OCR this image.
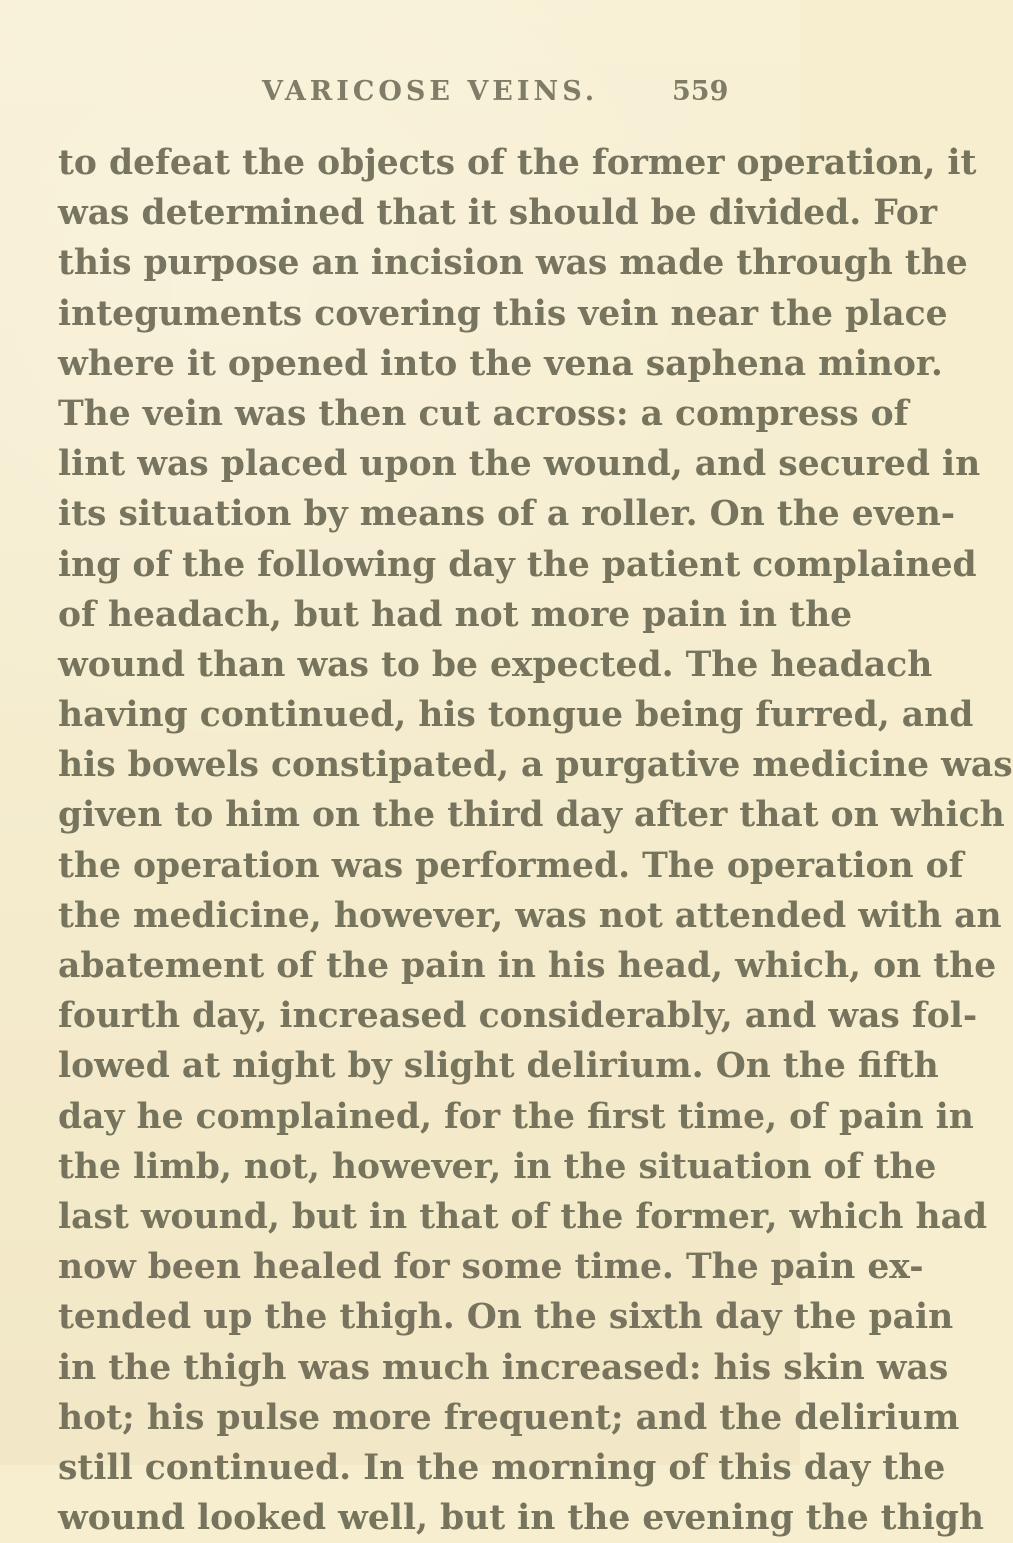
VARICOSE VEINS.	559
to defeat the objects of the former operation, it
was determined that it should be divided. For
this purpose an incision was made through the
integuments covering this vein near the place
where it opened into the vena saphena minor.
The vein was then cut across: a compress of
lint was placed upon the wound, and secured in
its situation by means of a roller. On the even-
ing of the following day the patient complained
of headach, but had not more pain in the
wound than was to be expected. The headach
having continued, his tongue being furred, and
his bowels constipated, a purgative medicine was
given to him on the third day after that on which
the operation was performed. The operation of
the medicine, however, was not attended with an
abatement of the pain in his head, which, on the
fourth day, increased considerably, and was fol-
lowed at night by slight delirium. On the fifth
day he complained, for the first time, of pain in
the limb, not, however, in the situation of the
last wound, but in that of the former, which had
now been healed for some time. The pain ex-
tended up the thigh. On the sixth day the pain
in the thigh was much increased: his skin was
hot; his pulse more frequent; and the delirium
still continued. In the morning of this day the
wound looked well, but in the evening the thigh
